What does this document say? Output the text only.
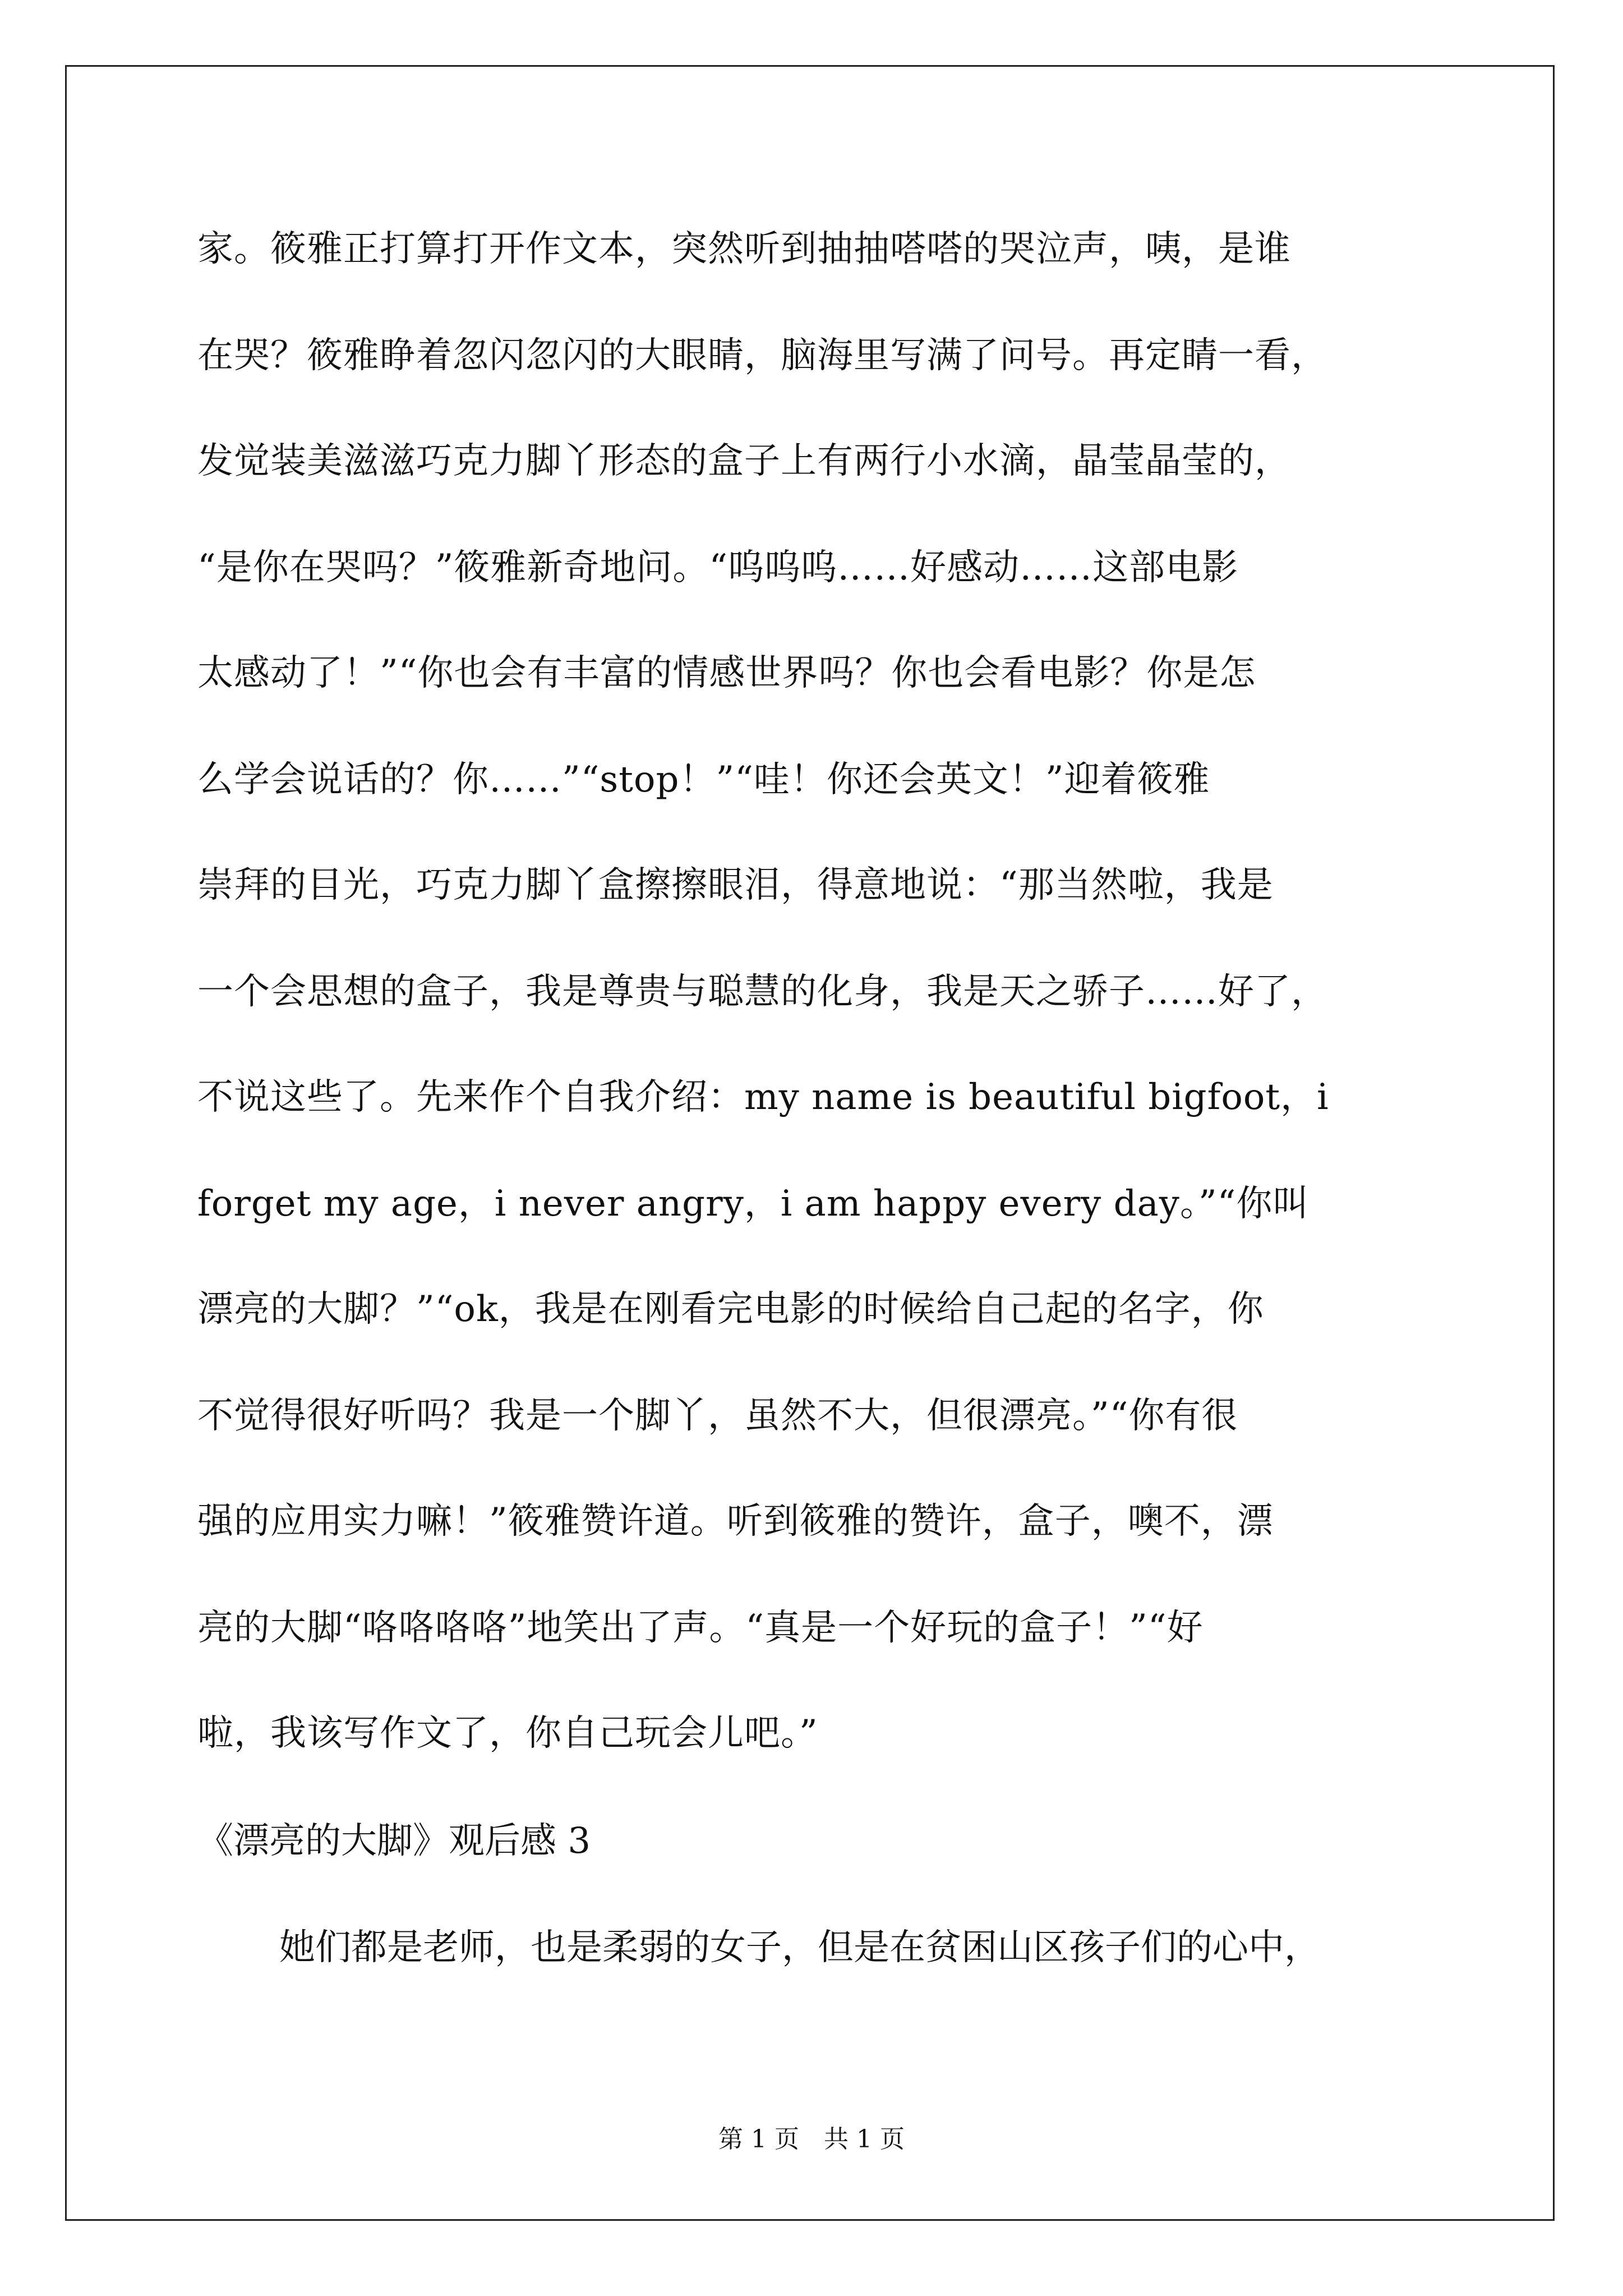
家。筱雅正打算打开作文本，突然听到抽抽嗒嗒的哭泣声，咦，是谁
在哭？筱雅睁着忽闪忽闪的大眼睛，脑海里写满了问号。再定睛一看，
发觉装美滋滋巧克力脚丫形态的盒子上有两行小水滴，晶莹晶莹的，
“是你在哭吗？”筱雅新奇地问。“呜呜呜……好感动……这部电影
太感动了！”“你也会有丰富的情感世界吗？你也会看电影？你是怎
么学会说话的？你……”“stop！”“哇！你还会英文！”迎着筱雅
崇拜的目光，巧克力脚丫盒擦擦眼泪，得意地说：“那当然啦，我是
一个会思想的盒子，我是尊贵与聪慧的化身，我是天之骄子……好了，
不说这些了。先来作个自我介绍：my name is beautiful bigfoot，i
forget my age，i never angry，i am happy every day。”“你叫
漂亮的大脚？”“ok，我是在刚看完电影的时候给自己起的名字，你
不觉得很好听吗？我是一个脚丫，虽然不大，但很漂亮。”“你有很
强的应用实力嘛！”筱雅赞许道。听到筱雅的赞许，盒子，噢不，漂
亮的大脚“咯咯咯咯”地笑出了声。“真是一个好玩的盒子！”“好
啦，我该写作文了，你自己玩会儿吧。”
《漂亮的大脚》观后感 3
她们都是老师，也是柔弱的女子，但是在贫困山区孩子们的心中，
第 1 页　共 1 页
